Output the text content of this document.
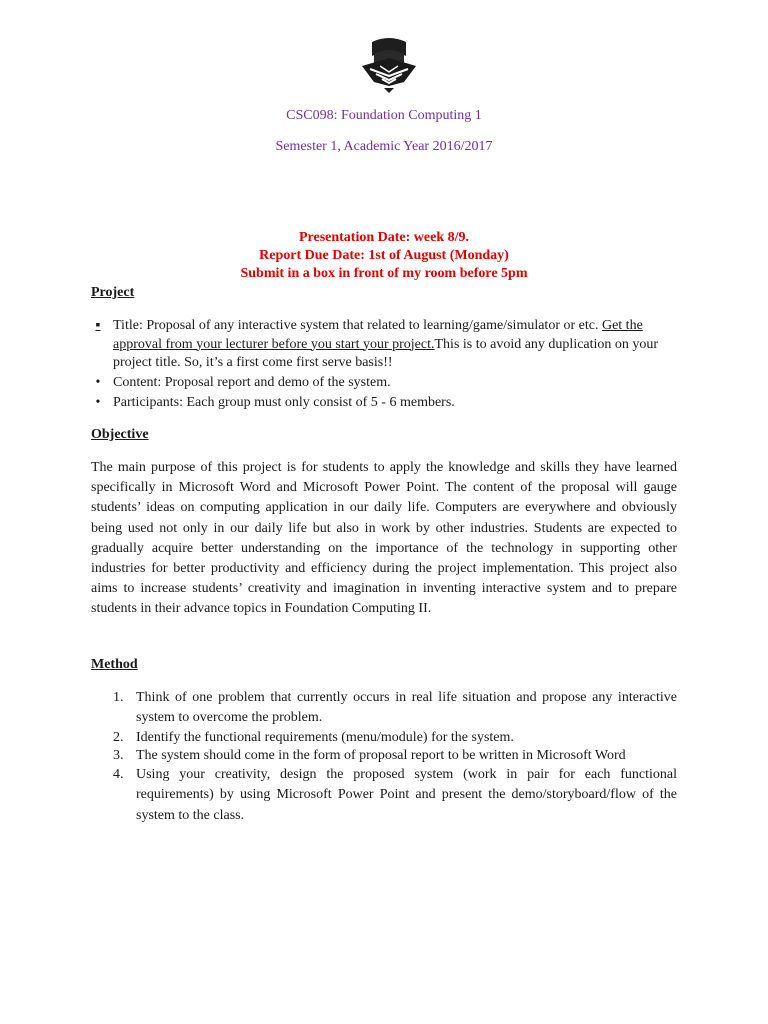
CSC098: Foundation Computing 1
Semester 1, Academic Year 2016/2017
Presentation Date: week 8/9.
Report Due Date: 1st of August (Monday)
Submit in a box in front of my room before 5pm
Project
▪ Title: Proposal of any interactive system that related to learning/game/simulator or etc. Get the approval from your lecturer before you start your project.This is to avoid any duplication on your project title. So, it’s a first come first serve basis!!
• Content: Proposal report and demo of the system.
• Participants: Each group must only consist of 5 - 6 members.
Objective
The main purpose of this project is for students to apply the knowledge and skills they have learned specifically in Microsoft Word and Microsoft Power Point. The content of the proposal will gauge students’ ideas on computing application in our daily life. Computers are everywhere and obviously being used not only in our daily life but also in work by other industries. Students are expected to gradually acquire better understanding on the importance of the technology in supporting other industries for better productivity and efficiency during the project implementation. This project also aims to increase students’ creativity and imagination in inventing interactive system and to prepare students in their advance topics in Foundation Computing II.
Method
1. Think of one problem that currently occurs in real life situation and propose any interactive system to overcome the problem.
2. Identify the functional requirements (menu/module) for the system.
3. The system should come in the form of proposal report to be written in Microsoft Word
4. Using your creativity, design the proposed system (work in pair for each functional requirements) by using Microsoft Power Point and present the demo/storyboard/flow of the system to the class.
